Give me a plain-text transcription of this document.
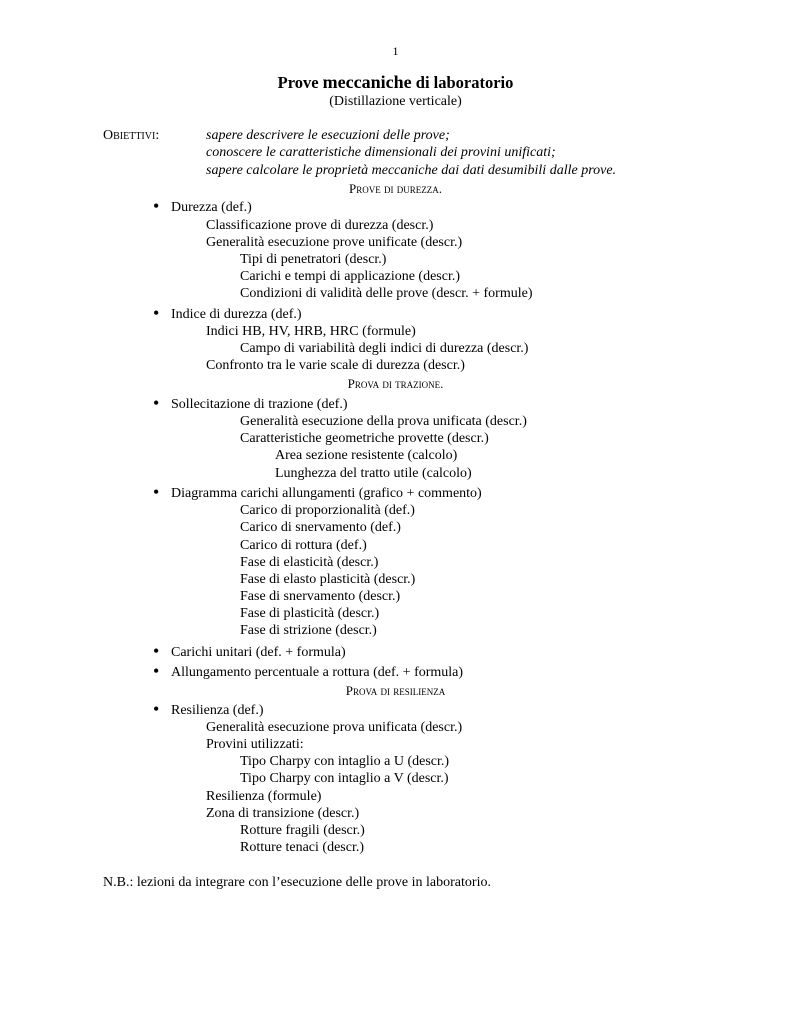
1
Prove meccaniche di laboratorio
(Distillazione verticale)
Obiettivi:	sapere descrivere le esecuzioni delle prove;
conoscere le caratteristiche dimensionali dei provini unificati;
sapere calcolare le proprietà meccaniche dai dati desumibili dalle prove.
Prove di durezza.
• Durezza (def.)
Classificazione prove di durezza (descr.)
Generalità esecuzione prove unificate (descr.)
Tipi di penetratori (descr.)
Carichi e tempi di applicazione (descr.)
Condizioni di validità delle prove (descr. + formule)
• Indice di durezza (def.)
Indici HB, HV, HRB, HRC (formule)
Campo di variabilità degli indici di durezza (descr.)
Confronto tra le varie scale di durezza (descr.)
Prova di trazione.
• Sollecitazione di trazione (def.)
Generalità esecuzione della prova unificata (descr.)
Caratteristiche geometriche provette (descr.)
Area sezione resistente (calcolo)
Lunghezza del tratto utile (calcolo)
• Diagramma carichi allungamenti (grafico + commento)
Carico di proporzionalità (def.)
Carico di snervamento (def.)
Carico di rottura (def.)
Fase di elasticità (descr.)
Fase di elasto plasticità (descr.)
Fase di snervamento (descr.)
Fase di plasticità (descr.)
Fase di strizione (descr.)
• Carichi unitari (def. + formula)
• Allungamento percentuale a rottura (def. + formula)
Prova di resilienza
• Resilienza (def.)
Generalità esecuzione prova unificata (descr.)
Provini utilizzati:
Tipo Charpy con intaglio a U (descr.)
Tipo Charpy con intaglio a V (descr.)
Resilienza (formule)
Zona di transizione (descr.)
Rotture fragili (descr.)
Rotture tenaci (descr.)
N.B.: lezioni da integrare con l’esecuzione delle prove in laboratorio.
